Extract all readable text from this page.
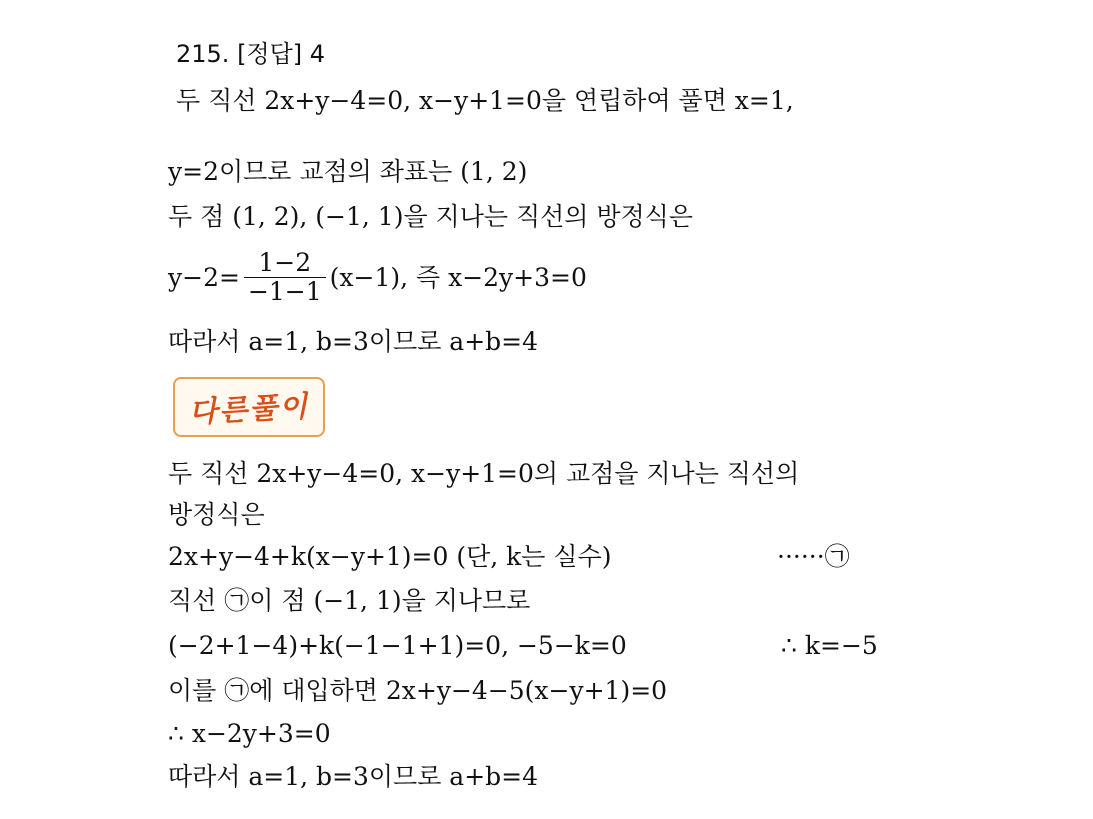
215. [정답] 4
두 직선 2x+y−4=0, x−y+1=0을 연립하여 풀면 x=1,
y=2이므로 교점의 좌표는 (1, 2)
두 점 (1, 2), (−1, 1)을 지나는 직선의 방정식은
$y-2= \frac{1-2}{-1-1} (x-1)$, 즉 x−2y+3=0
따라서 a=1, b=3이므로 a+b=4
다른풀이
두 직선 2x+y−4=0, x−y+1=0의 교점을 지나는 직선의
방정식은
2x+y−4+k(x−y+1)=0 (단, k는 실수)	······㉠
직선 ㉠이 점 (−1, 1)을 지나므로
(−2+1−4)+k(−1−1+1)=0, −5−k=0	∴ k=−5
이를 ㉠에 대입하면 2x+y−4−5(x−y+1)=0
∴ x−2y+3=0
따라서 a=1, b=3이므로 a+b=4
